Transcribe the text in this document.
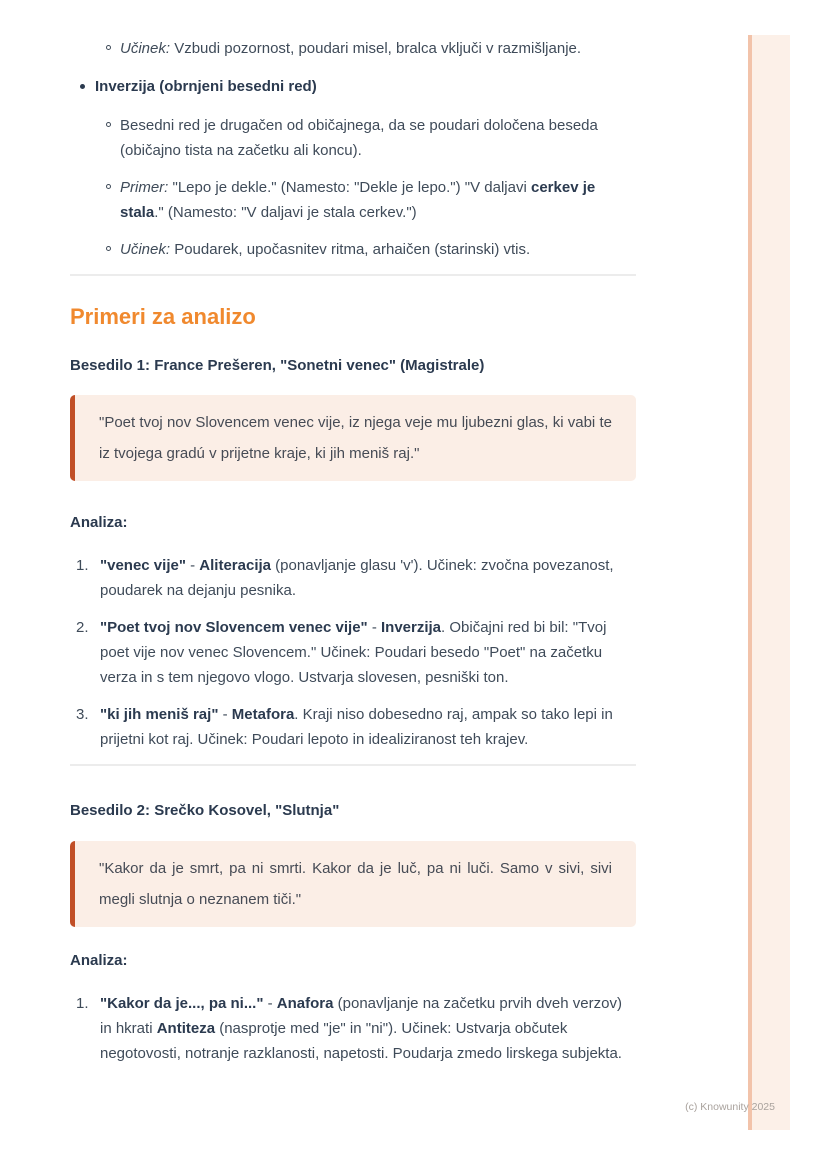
Učinek: Vzbudi pozornost, poudari misel, bralca vključi v razmišljanje.
Inverzija (obrnjeni besedni red)
Besedni red je drugačen od običajnega, da se poudari določena beseda (običajno tista na začetku ali koncu).
Primer: "Lepo je dekle." (Namesto: "Dekle je lepo.") "V daljavi cerkev je stala." (Namesto: "V daljavi je stala cerkev.")
Učinek: Poudarek, upočasnitev ritma, arhaičen (starinski) vtis.
Primeri za analizo

Besedilo 1: France Prešeren, "Sonetni venec" (Magistrale)

"Poet tvoj nov Slovencem venec vije, iz njega veje mu ljubezni glas, ki vabi te iz tvojega gradú v prijetne kraje, ki jih meniš raj."

Analiza:

"venec vije" - Aliteracija (ponavljanje glasu 'v'). Učinek: zvočna povezanost, poudarek na dejanju pesnika.
"Poet tvoj nov Slovencem venec vije" - Inverzija. Običajni red bi bil: "Tvoj poet vije nov venec Slovencem." Učinek: Poudari besedo "Poet" na začetku verza in s tem njegovo vlogo. Ustvarja slovesen, pesniški ton.
"ki jih meniš raj" - Metafora. Kraji niso dobesedno raj, ampak so tako lepi in prijetni kot raj. Učinek: Poudari lepoto in idealiziranost teh krajev.

Besedilo 2: Srečko Kosovel, "Slutnja"

"Kakor da je smrt, pa ni smrti. Kakor da je luč, pa ni luči. Samo v sivi, sivi megli slutnja o neznanem tiči."

Analiza:

"Kakor da je..., pa ni..." - Anafora (ponavljanje na začetku prvih dveh verzov) in hkrati Antiteza (nasprotje med "je" in "ni"). Učinek: Ustvarja občutek negotovosti, notranje razklanosti, napetosti. Poudarja zmedo lirskega subjekta.
(c) Knowunity 2025
